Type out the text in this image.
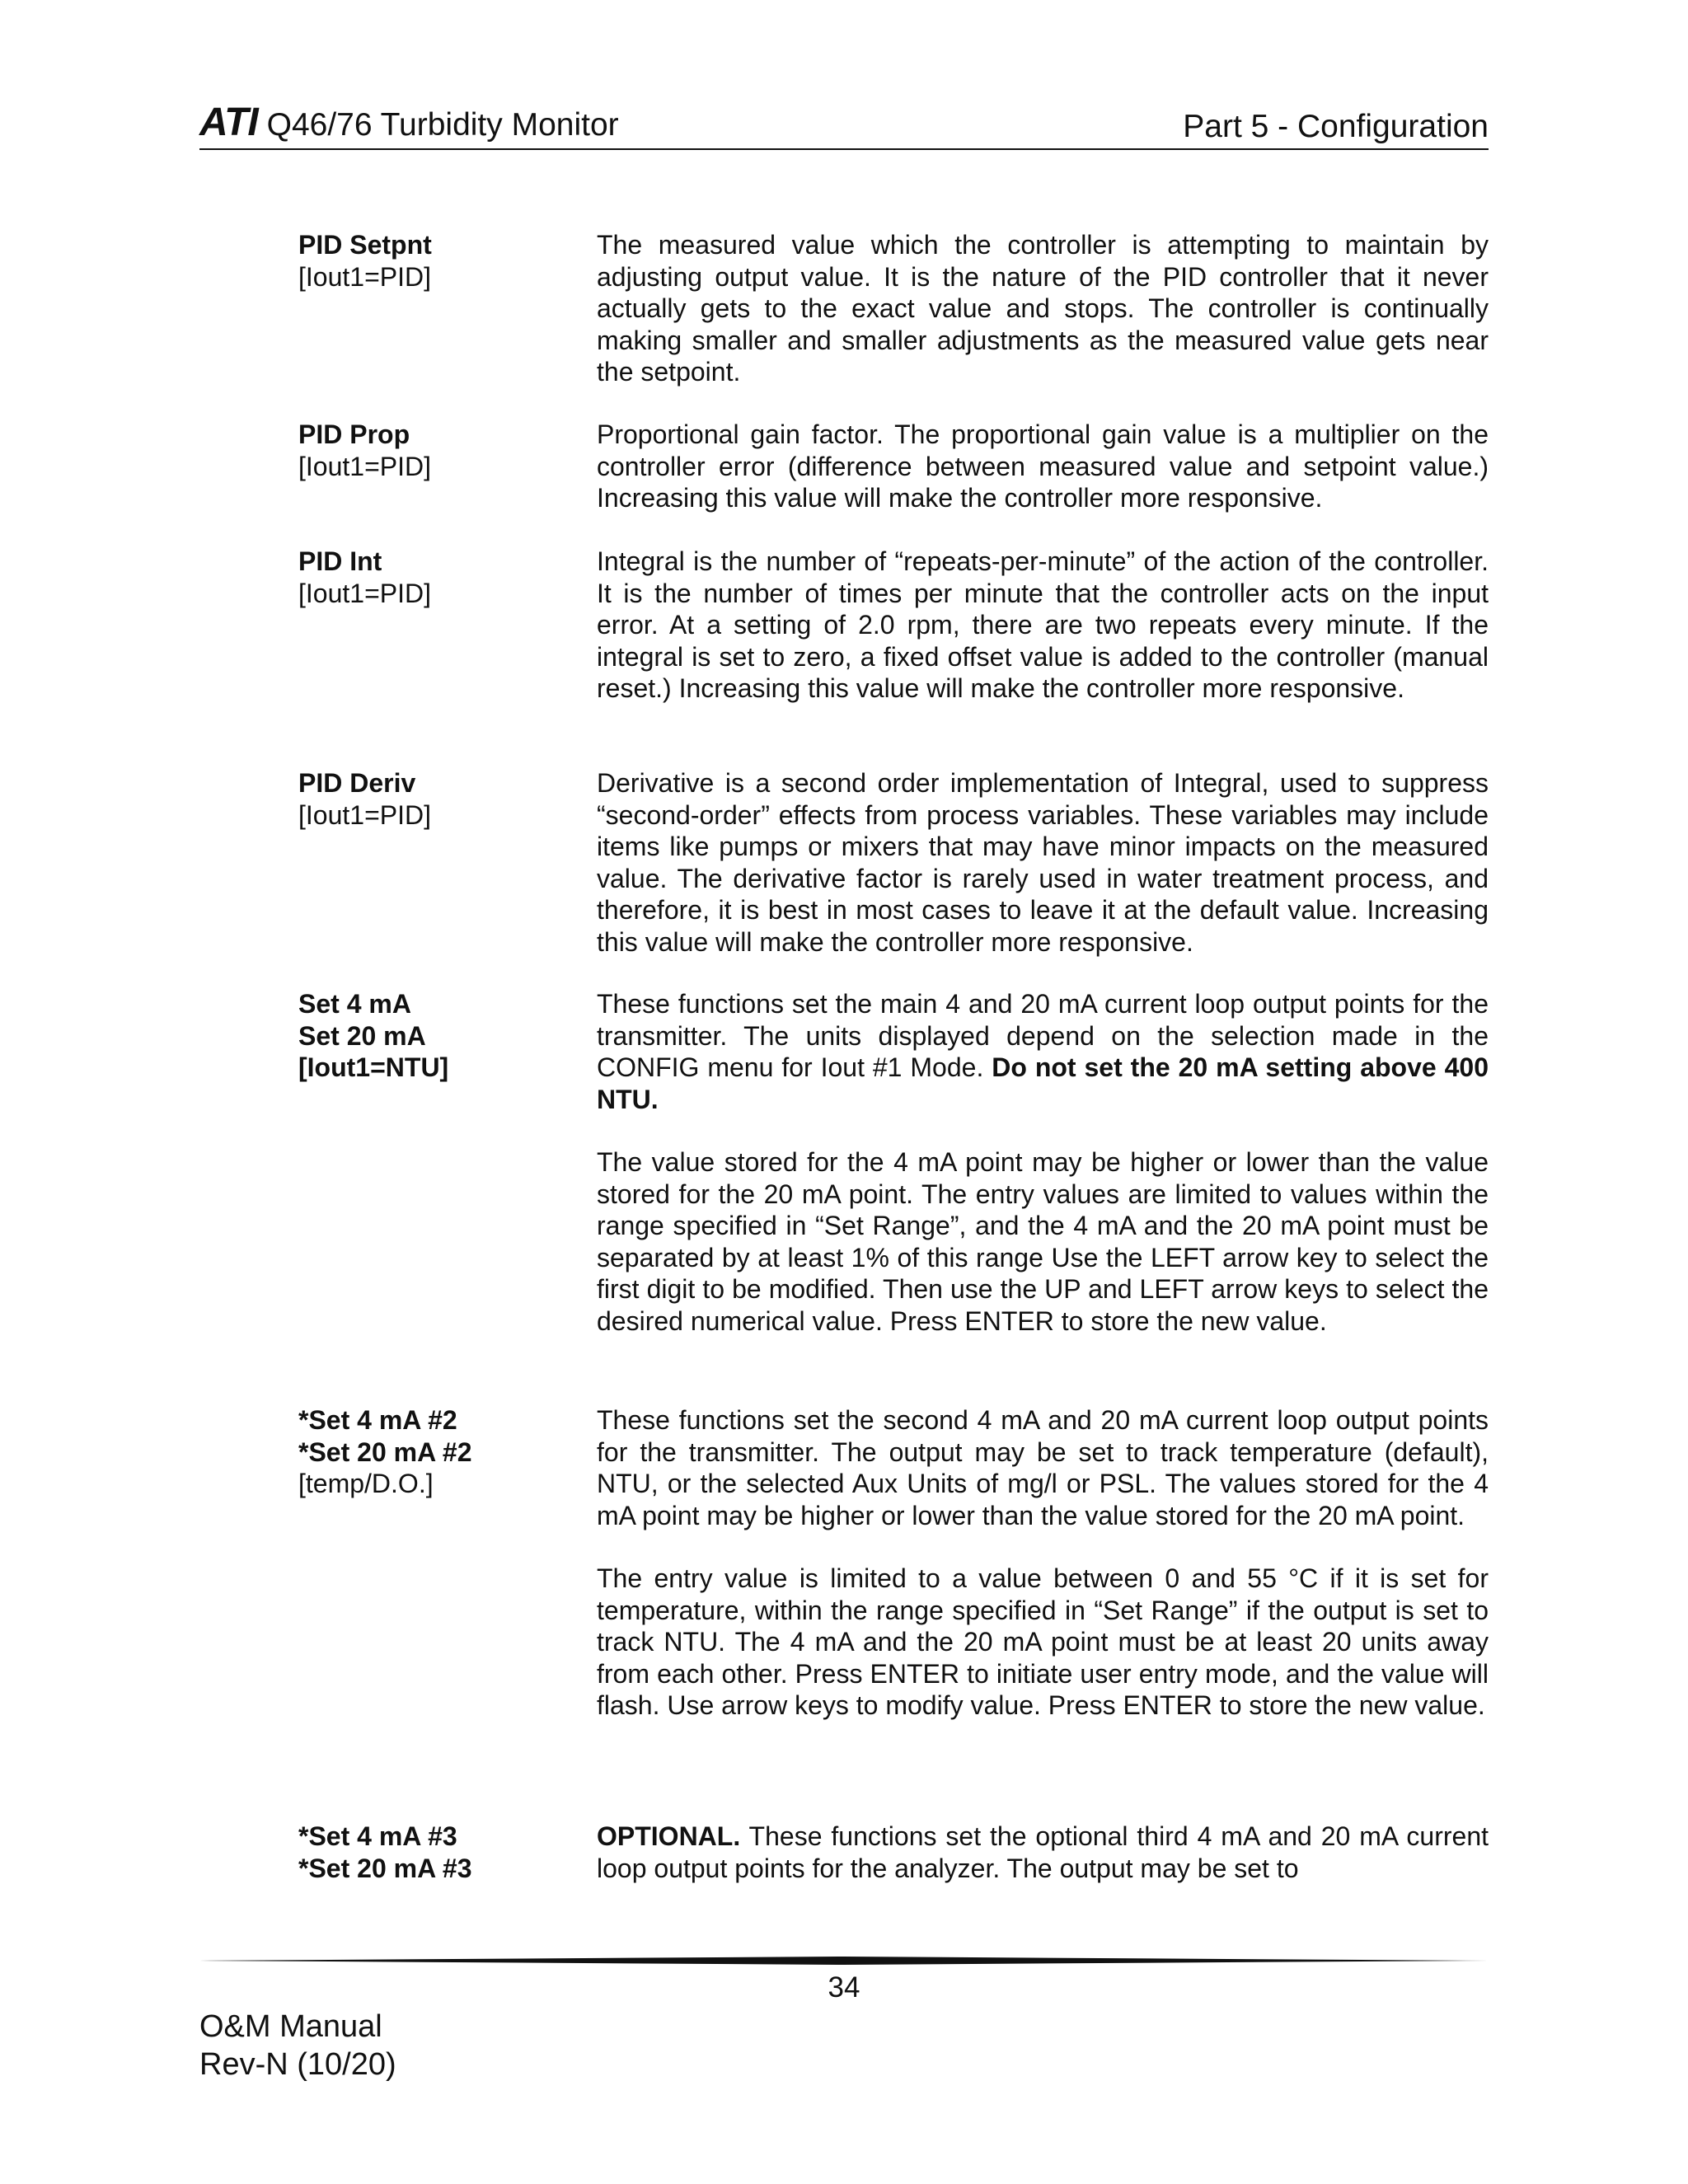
ATI Q46/76 Turbidity Monitor	Part 5 - Configuration
PID Setpnt
[Iout1=PID]

The measured value which the controller is attempting to maintain by adjusting output value. It is the nature of the PID controller that it never actually gets to the exact value and stops. The controller is continually making smaller and smaller adjustments as the measured value gets near the setpoint.

PID Prop
[Iout1=PID]

Proportional gain factor. The proportional gain value is a multiplier on the controller error (difference between measured value and setpoint value.) Increasing this value will make the controller more responsive.

PID Int
[Iout1=PID]

Integral is the number of “repeats-per-minute” of the action of the controller. It is the number of times per minute that the controller acts on the input error. At a setting of 2.0 rpm, there are two repeats every minute. If the integral is set to zero, a fixed offset value is added to the controller (manual reset.) Increasing this value will make the controller more responsive.

PID Deriv
[Iout1=PID]

Derivative is a second order implementation of Integral, used to suppress “second-order” effects from process variables. These variables may include items like pumps or mixers that may have minor impacts on the measured value. The derivative factor is rarely used in water treatment process, and therefore, it is best in most cases to leave it at the default value. Increasing this value will make the controller more responsive.

Set 4 mA
Set 20 mA
[Iout1=NTU]

These functions set the main 4 and 20 mA current loop output points for the transmitter. The units displayed depend on the selection made in the CONFIG menu for Iout #1 Mode. Do not set the 20 mA setting above 400 NTU.

The value stored for the 4 mA point may be higher or lower than the value stored for the 20 mA point. The entry values are limited to values within the range specified in “Set Range”, and the 4 mA and the 20 mA point must be separated by at least 1% of this range Use the LEFT arrow key to select the first digit to be modified. Then use the UP and LEFT arrow keys to select the desired numerical value. Press ENTER to store the new value.

*Set 4 mA #2
*Set 20 mA #2
[temp/D.O.]

These functions set the second 4 mA and 20 mA current loop output points for the transmitter. The output may be set to track temperature (default), NTU, or the selected Aux Units of mg/l or PSL. The values stored for the 4 mA point may be higher or lower than the value stored for the 20 mA point.

The entry value is limited to a value between 0 and 55 °C if it is set for temperature, within the range specified in “Set Range” if the output is set to track NTU. The 4 mA and the 20 mA point must be at least 20 units away from each other. Press ENTER to initiate user entry mode, and the value will flash. Use arrow keys to modify value. Press ENTER to store the new value.

*Set 4 mA #3
*Set 20 mA #3

OPTIONAL. These functions set the optional third 4 mA and 20 mA current loop output points for the analyzer. The output may be set to

34
O&M Manual
Rev-N (10/20)
